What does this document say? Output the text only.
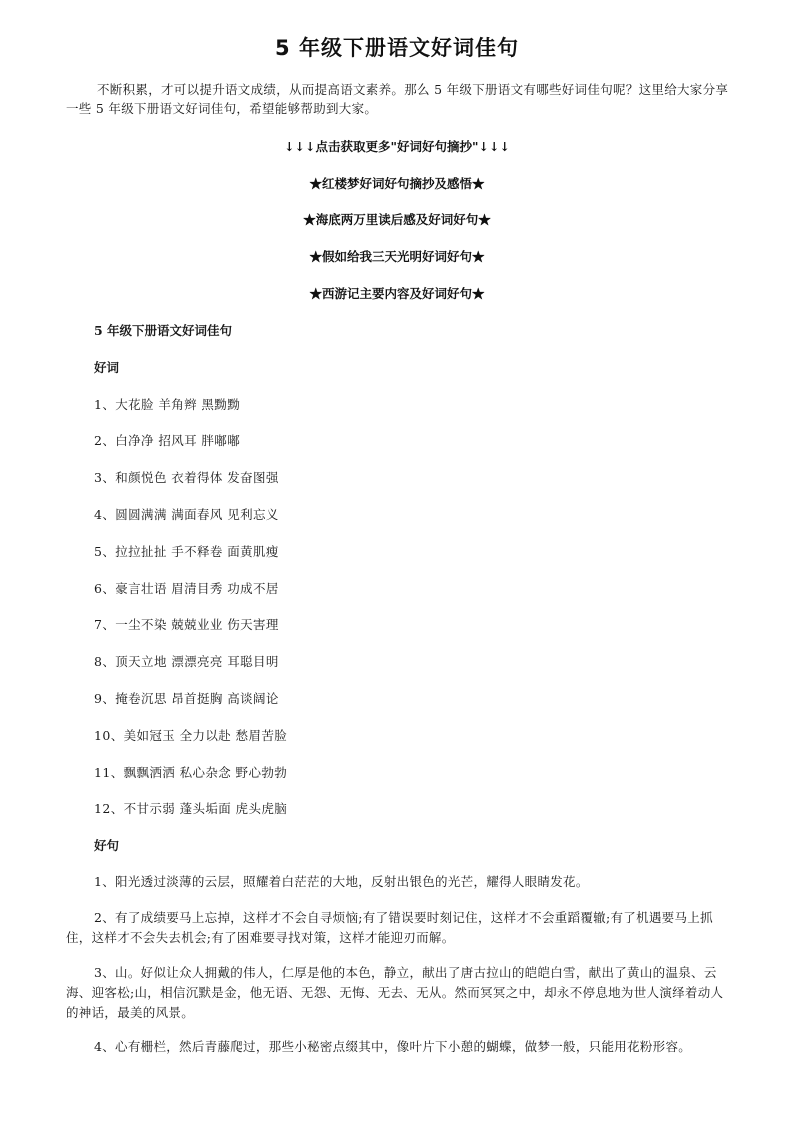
5 年级下册语文好词佳句
不断积累，才可以提升语文成绩，从而提高语文素养。那么 5 年级下册语文有哪些好词佳句呢？这里给大家分享一些 5 年级下册语文好词佳句，希望能够帮助到大家。
↓↓↓点击获取更多"好词好句摘抄"↓↓↓
★红楼梦好词好句摘抄及感悟★
★海底两万里读后感及好词好句★
★假如给我三天光明好词好句★
★西游记主要内容及好词好句★
5 年级下册语文好词佳句
好词
1、大花脸 羊角辫 黑黝黝
2、白净净 招风耳 胖嘟嘟
3、和颜悦色 衣着得体 发奋图强
4、圆圆满满 满面春风 见利忘义
5、拉拉扯扯 手不释卷 面黄肌瘦
6、豪言壮语 眉清目秀 功成不居
7、一尘不染 兢兢业业 伤天害理
8、顶天立地 漂漂亮亮 耳聪目明
9、掩卷沉思 昂首挺胸 高谈阔论
10、美如冠玉 全力以赴 愁眉苦脸
11、飘飘洒洒 私心杂念 野心勃勃
12、不甘示弱 蓬头垢面 虎头虎脑
好句
1、阳光透过淡薄的云层，照耀着白茫茫的大地，反射出银色的光芒，耀得人眼睛发花。
2、有了成绩要马上忘掉，这样才不会自寻烦恼;有了错误要时刻记住，这样才不会重蹈覆辙;有了机遇要马上抓住，这样才不会失去机会;有了困难要寻找对策，这样才能迎刃而解。
3、山。好似让众人拥戴的伟人，仁厚是他的本色，静立，献出了唐古拉山的皑皑白雪，献出了黄山的温泉、云海、迎客松;山，相信沉默是金，他无语、无怨、无悔、无去、无从。然而冥冥之中，却永不停息地为世人演绎着动人的神话，最美的风景。
4、心有栅栏，然后青藤爬过，那些小秘密点缀其中，像叶片下小憩的蝴蝶，做梦一般，只能用花粉形容。
